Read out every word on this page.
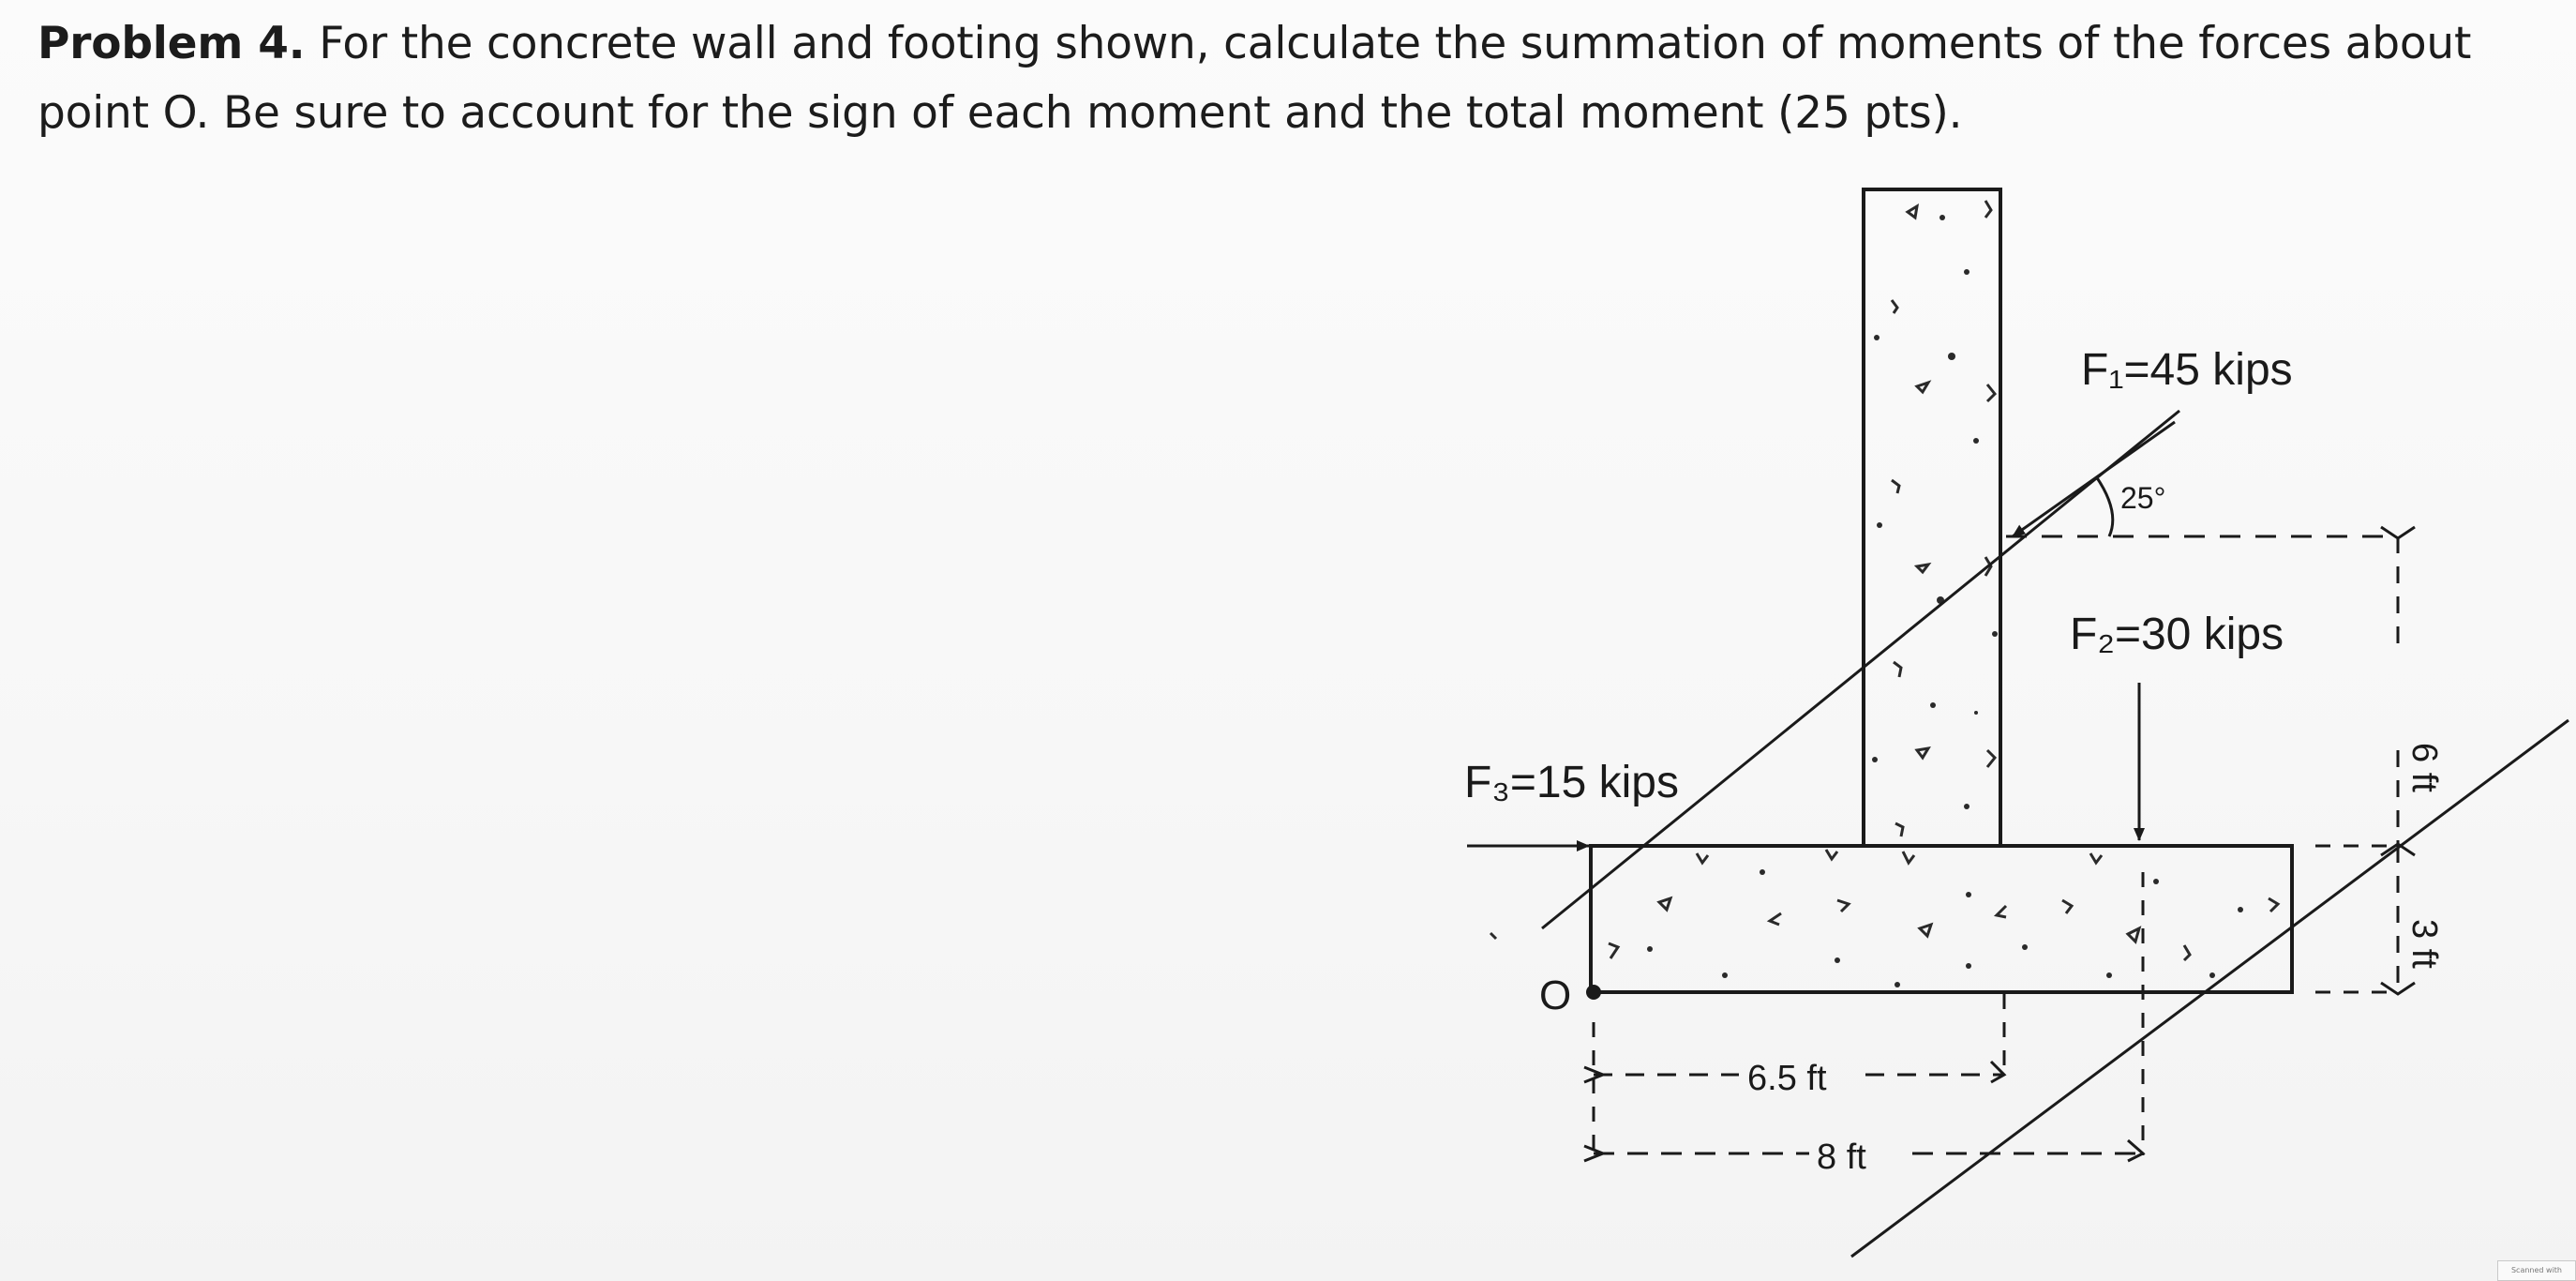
Problem 4. For the concrete wall and footing shown, calculate the summation of moments of the forces about point O. Be sure to account for the sign of each moment and the total moment (25 pts).
F₁=45 kips
25°
F₂=30 kips
F₃=15 kips
O
6.5 ft
8 ft
6 ft
3 ft
Scanned with
